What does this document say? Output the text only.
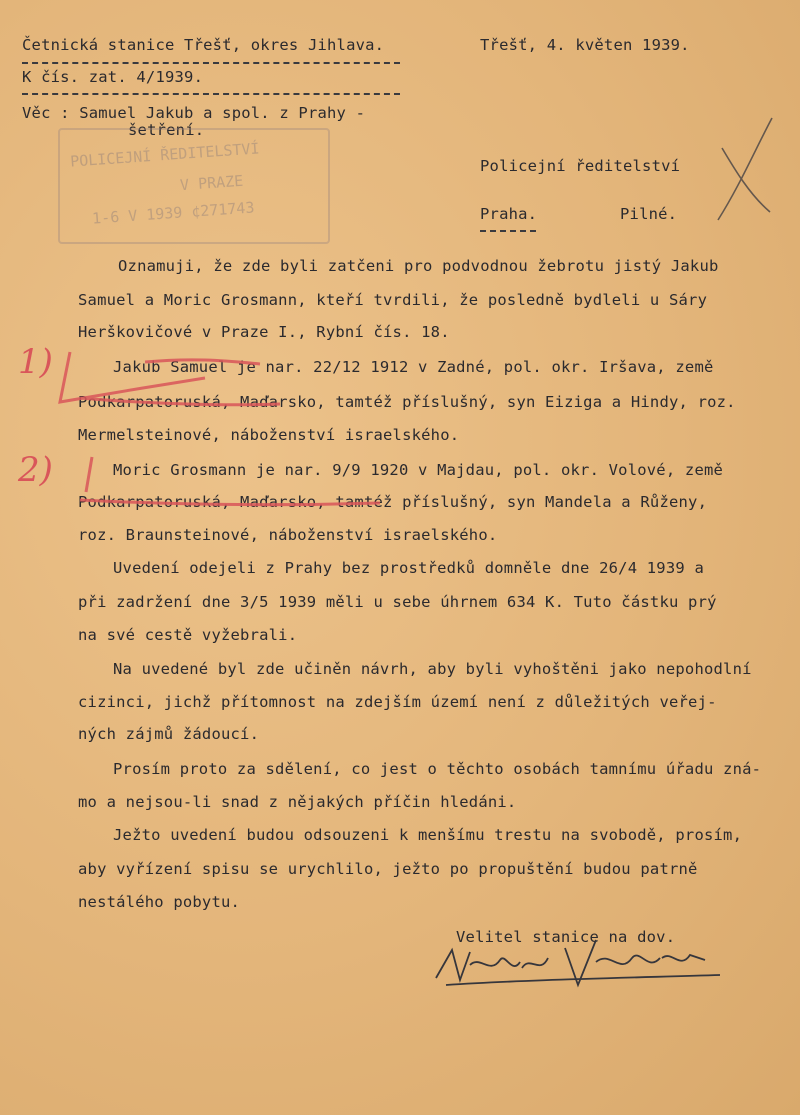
Četnická stanice Třešť, okres Jihlava.	Třešť, 4. květen 1939.
K čís. zat. 4/1939.
Věc : Samuel Jakub a spol. z Prahy -
šetření.
POLICEJNÍ ŘEDITELSTVÍ
V PRAZE
1-6 V 1939 ¢271743
Policejní ředitelství
Praha.	Pilné.
Oznamuji, že zde byli zatčeni pro podvodnou žebrotu jistý Jakub
Samuel a Moric Grosmann, kteří tvrdili, že posledně bydleli u Sáry
Herškovičové v Praze I., Rybní čís. 18.
Jakub Samuel je nar. 22/12 1912 v Zadné, pol. okr. Iršava, země
Podkarpatoruská, Maďarsko, tamtéž příslušný, syn Eiziga a Hindy, roz.
Mermelsteinové, náboženství israelského.
Moric Grosmann je nar. 9/9 1920 v Majdau, pol. okr. Volové, země
Podkarpatoruská, Maďarsko, tamtéž příslušný, syn Mandela a Růženy,
roz. Braunsteinové, náboženství israelského.
Uvedení odejeli z Prahy bez prostředků domněle dne 26/4 1939 a
při zadržení dne 3/5 1939 měli u sebe úhrnem 634 K. Tuto částku prý
na své cestě vyžebrali.
Na uvedené byl zde učiněn návrh, aby byli vyhoštěni jako nepohodlní
cizinci, jichž přítomnost na zdejším území není z důležitých veřej-
ných zájmů žádoucí.
Prosím proto za sdělení, co jest o těchto osobách tamnímu úřadu zná-
mo a nejsou-li snad z nějakých příčin hledáni.
Ježto uvedení budou odsouzeni k menšímu trestu na svobodě, prosím,
aby vyřízení spisu se urychlilo, ježto po propuštění budou patrně
nestálého pobytu.
Velitel stanice na dov.
1)
2)
